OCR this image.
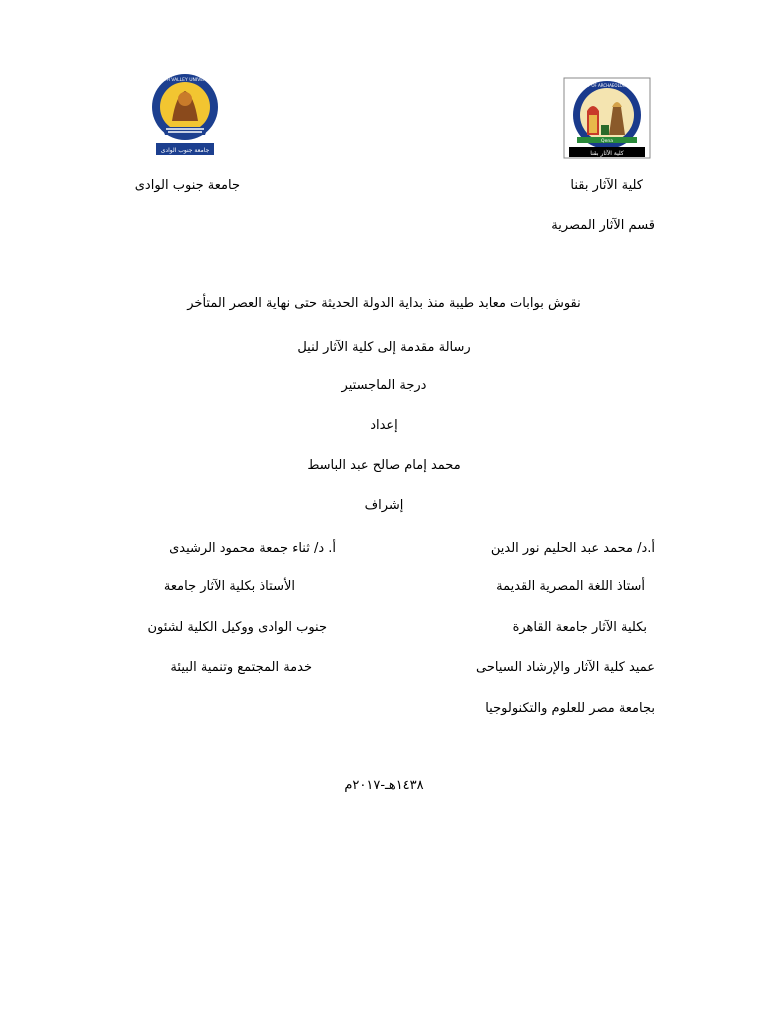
جامعة جنوب الوادى
SOUTH VALLEY UNIVERSITY
Qena
كلية الآثار بقنا
FACULTY OF ARCHAEOLOGY QENA
كلية الآثار بقنا
جامعة جنوب الوادى
قسم الآثار المصرية
نقوش بوابات معابد طيبة منذ بداية الدولة الحديثة حتى نهاية العصر المتأخر
رسالة مقدمة إلى كلية الآثار لنيل
درجة الماجستير
إعداد
محمد إمام صالح عبد الباسط
إشراف
أ.د/ محمد عبد الحليم نور الدين
أستاذ اللغة المصرية القديمة
بكلية الآثار جامعة القاهرة
عميد كلية الآثار والإرشاد السياحى
بجامعة مصر للعلوم والتكنولوجيا
أ. د/ ثناء جمعة محمود الرشيدى
الأستاذ بكلية الآثار جامعة
جنوب الوادى ووكيل الكلية لشئون
خدمة المجتمع وتنمية البيئة
١٤٣٨هـ-٢٠١٧م
